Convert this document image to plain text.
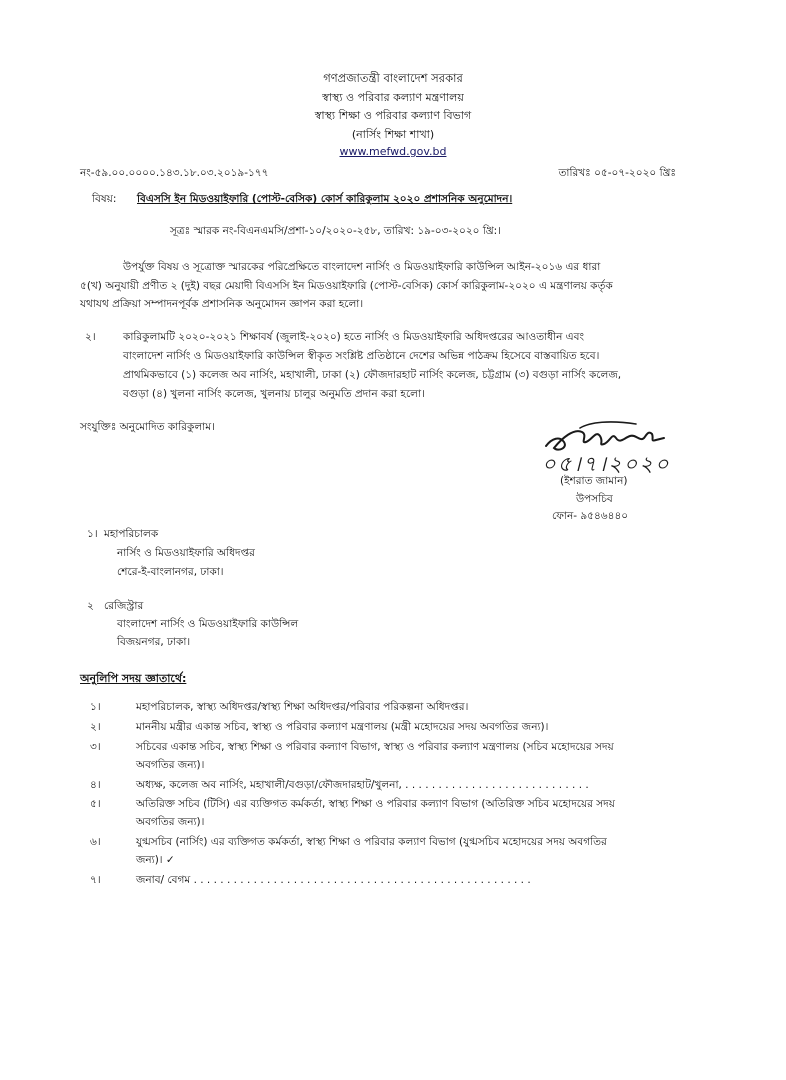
গণপ্রজাতন্ত্রী বাংলাদেশ সরকার
স্বাস্থ্য ও পরিবার কল্যাণ মন্ত্রণালয়
স্বাস্থ্য শিক্ষা ও পরিবার কল্যাণ বিভাগ
(নার্সিং শিক্ষা শাখা)
www.mefwd.gov.bd
নং-৫৯.০০.০০০০.১৪৩.১৮.০৩.২০১৯-১৭৭	তারিখঃ ০৫-০৭-২০২০ খ্রিঃ
বিষয়: বিএসসি ইন মিডওয়াইফারি (পোস্ট-বেসিক) কোর্স কারিকুলাম ২০২০ প্রশাসনিক অনুমোদন।
সূত্রঃ স্মারক নং-বিএনএমসি/প্রশা-১০/২০২০-২৫৮, তারিখ: ১৯-০৩-২০২০ খ্রি:।
উপর্যুক্ত বিষয় ও সূত্রোক্ত স্মারকের পরিপ্রেক্ষিতে বাংলাদেশ নার্সিং ও মিডওয়াইফারি কাউন্সিল আইন-২০১৬ এর ধারা
৫(খ) অনুযায়ী প্রণীত ২ (দুই) বছর মেয়াদী বিএসসি ইন মিডওয়াইফারি (পোস্ট-বেসিক) কোর্স কারিকুলাম-২০২০ এ মন্ত্রণালয় কর্তৃক
যথাযথ প্রক্রিয়া সম্পাদনপূর্বক প্রশাসনিক অনুমোদন জ্ঞাপন করা হলো।
২।	কারিকুলামটি ২০২০-২০২১ শিক্ষাবর্ষ (জুলাই-২০২০) হতে নার্সিং ও মিডওয়াইফারি অধিদপ্তরের আওতাধীন এবং
বাংলাদেশ নার্সিং ও মিডওয়াইফারি কাউন্সিল স্বীকৃত সংশ্লিষ্ট প্রতিষ্ঠানে দেশের অভিন্ন পাঠক্রম হিসেবে বাস্তবায়িত হবে।
প্রাথমিকভাবে (১) কলেজ অব নার্সিং, মহাখালী, ঢাকা (২) ফৌজদারহাট নার্সিং কলেজ, চট্টগ্রাম (৩) বগুড়া নার্সিং কলেজ,
বগুড়া (৪) খুলনা নার্সিং কলেজ, খুলনায় চালুর অনুমতি প্রদান করা হলো।
সংযুক্তিঃ অনুমোদিত কারিকুলাম।
০৫।৭।২০২০
(ইশরাত জামান)
উপসচিব
ফোন- ৯৫৪৬৪৪০
১। মহাপরিচালক
নার্সিং ও মিডওয়াইফারি অধিদপ্তর
শেরে-ই-বাংলানগর, ঢাকা।
২ রেজিস্ট্রার
বাংলাদেশ নার্সিং ও মিডওয়াইফারি কাউন্সিল
বিজয়নগর, ঢাকা।
অনুলিপি সদয় জ্ঞাতার্থে:
১।	মহাপরিচালক, স্বাস্থ্য অধিদপ্তর/স্বাস্থ্য শিক্ষা অধিদপ্তর/পরিবার পরিকল্পনা অধিদপ্তর।
২।	মাননীয় মন্ত্রীর একান্ত সচিব, স্বাস্থ্য ও পরিবার কল্যাণ মন্ত্রণালয় (মন্ত্রী মহোদয়ের সদয় অবগতির জন্য)।
৩।	সচিবের একান্ত সচিব, স্বাস্থ্য শিক্ষা ও পরিবার কল্যাণ বিভাগ, স্বাস্থ্য ও পরিবার কল্যাণ মন্ত্রণালয় (সচিব মহোদয়ের সদয়
অবগতির জন্য)।
৪।	অধ্যক্ষ, কলেজ অব নার্সিং, মহাখালী/বগুড়া/ফৌজদারহাট/খুলনা, . . . . . . . . . . . . . . . . . . . . . . . . . . . .
৫।	অতিরিক্ত সচিব (টিসি) এর ব্যক্তিগত কর্মকর্তা, স্বাস্থ্য শিক্ষা ও পরিবার কল্যাণ বিভাগ (অতিরিক্ত সচিব মহোদয়ের সদয়
অবগতির জন্য)।
৬।	যুগ্মসচিব (নার্সিং) এর ব্যক্তিগত কর্মকর্তা, স্বাস্থ্য শিক্ষা ও পরিবার কল্যাণ বিভাগ (যুগ্মসচিব মহোদয়ের সদয় অবগতির
জন্য)। ✓
৭।	জনাব/ বেগম . . . . . . . . . . . . . . . . . . . . . . . . . . . . . . . . . . . . . . . . . . . . . . . . . . .
